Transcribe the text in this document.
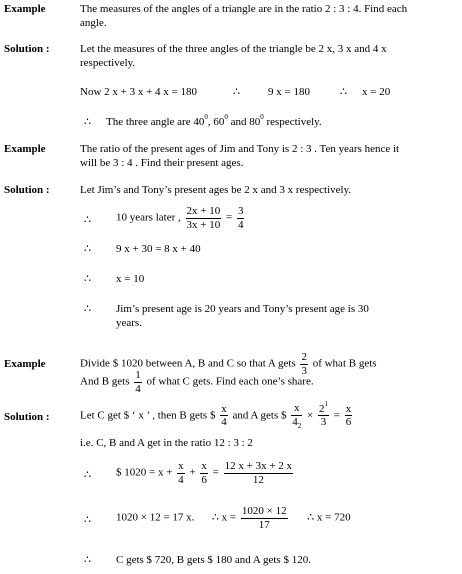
Example	The measures of the angles of a triangle are in the ratio 2 : 3 : 4. Find each
angle.
Solution :	Let the measures of the three angles of the triangle be 2 x, 3 x and 4 x
respectively.
Now 2 x + 3 x + 4 x = 180	∴	9 x = 180	∴ x = 20
∴ The three angle are $40^0$, $60^0$ and $80^0$ respectively.
Example	The ratio of the present ages of Jim and Tony is 2 : 3 . Ten years hence it
will be 3 : 4 . Find their present ages.
Solution :	Let Jim’s and Tony’s present ages be 2 x and 3 x respectively.
∴ 10 years later , $\frac{2x + 10}{3x + 10} = \frac{3}{4}$
∴ 9 x + 30 = 8 x + 40
∴ x = 10
∴ Jim’s present age is 20 years and Tony’s present age is 30
years.
Example	Divide $ 1020 between A, B and C so that A gets $\frac{2}{3}$ of what B gets
And B gets $\frac{1}{4}$ of what C gets. Find each one’s share.
Solution :	Let C get $ ‘ x ’ , then B gets $ $\frac{x}{4}$ and A gets $ $\frac{x}{4_2} \times \frac{2^1}{3} = \frac{x}{6}$
i.e. C, B and A get in the ratio 12 : 3 : 2
∴ $ $1020 = x + \frac{x}{4} + \frac{x}{6} = \frac{12 x + 3x + 2 x}{12}$
∴ 1020 × 12 = 17 x. ∴ $x = \frac{1020 \times 12}{17}$ ∴ x = 720
∴ C gets $ 720, B gets $ 180 and A gets $ 120.
